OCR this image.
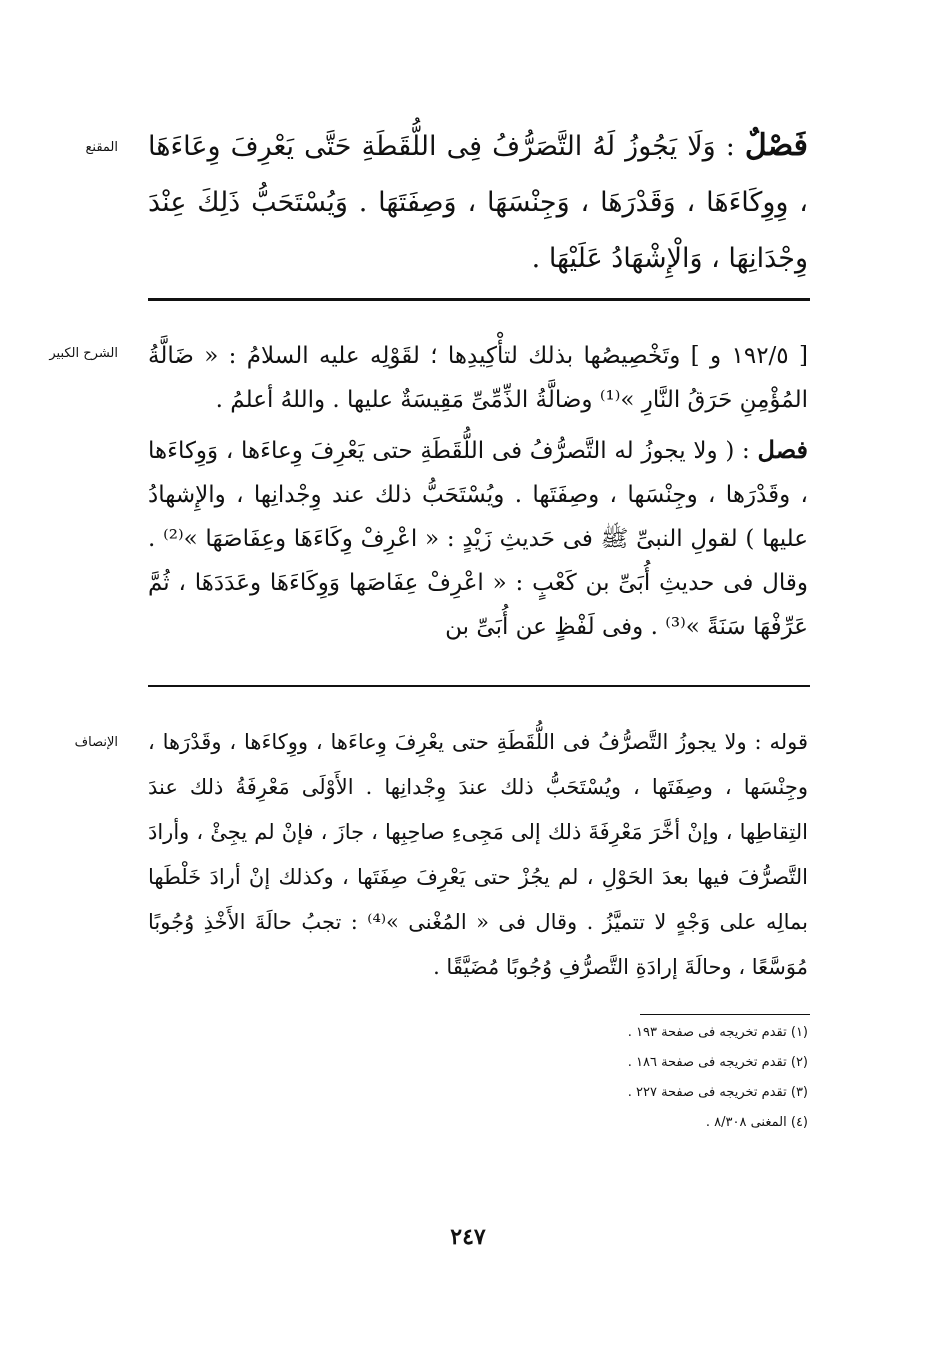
المقنع
الشرح الكبير
الإنصاف

فَصْلٌ : وَلَا يَجُوزُ لَهُ التَّصَرُّفُ فِى اللُّقَطَةِ حَتَّى يَعْرِفَ وِعَاءَهَا ، وِوِكَاءَهَا ، وَقَدْرَهَا ، وَجِنْسَهَا ، وَصِفَتَهَا . وَيُسْتَحَبُّ ذَلِكَ عِنْدَ وِجْدَانِهَا ، وَالْإِشْهَادُ عَلَيْهَا .

[ ١٩٢/٥ و ] وتَخْصِيصُها بذلك لتأْكِيدِها ؛ لقَوْلِه عليه السلامُ : « ضَالَّةُ المُؤْمِنِ حَرَقُ النَّارِ »⁽¹⁾ وضالَّةُ الذِّمِّىِّ مَقِيسَةٌ عليها . واللهُ أعلمُ .

فصل : ( ولا يجوزُ له التَّصرُّفُ فى اللُّقَطَةِ حتى يَعْرِفَ وِعاءَها ، وَوِكاءَها ، وقَدْرَها ، وجِنْسَها ، وصِفَتَها . ويُسْتَحَبُّ ذلك عند وِجْدانِها ، والإِشهادُ عليها ) لقولِ النبىِّ ﷺ فى حَديثِ زَيْدٍ : « اعْرِفْ وِكَاءَهَا وعِفَاصَهَا »⁽²⁾ . وقال فى حديثِ أُبَىِّ بن كَعْبٍ : « اعْرِفْ عِفَاصَها وَوِكَاءَهَا وعَدَدَهَا ، ثُمَّ عَرِّفْهَا سَنَةً »⁽³⁾ . وفى لَفْظٍ عن أُبَىِّ بن

قوله : ولا يجوزُ التَّصرُّفُ فى اللُّقَطَةِ حتى يعْرِفَ وِعاءَها ، ووِكاءَها ، وقَدْرَها ، وجِنْسَها ، وصِفَتَها ، ويُسْتَحَبُّ ذلك عندَ وِجْدانِها . الأَوْلَى مَعْرِفَةُ ذلك عندَ التِقاطِها ، وإنْ أخَّرَ مَعْرِفَةَ ذلك إلى مَجِىءِ صاحِبِها ، جازَ ، فإنْ لم يجِئْ ، وأرادَ التَّصرُّفَ فيها بعدَ الحَوْلِ ، لم يجُزْ حتى يَعْرِفَ صِفَتَها ، وكذلك إنْ أرادَ خَلْطَها بمالِه على وَجْهٍ لا تتميَّزُ . وقال فى « المُغْنى »⁽⁴⁾ : تجبُ حالَةَ الأَخْذِ وُجُوبًا مُوَسَّعًا ، وحالَةَ إرادَةِ التَّصرُّفِ وُجُوبًا مُضَيَّقًا .

(١) تقدم تخريجه فى صفحة ١٩٣ .
(٢) تقدم تخريجه فى صفحة ١٨٦ .
(٣) تقدم تخريجه فى صفحة ٢٢٧ .
(٤) المغنى ٨/٣٠٨ .
٢٤٧
